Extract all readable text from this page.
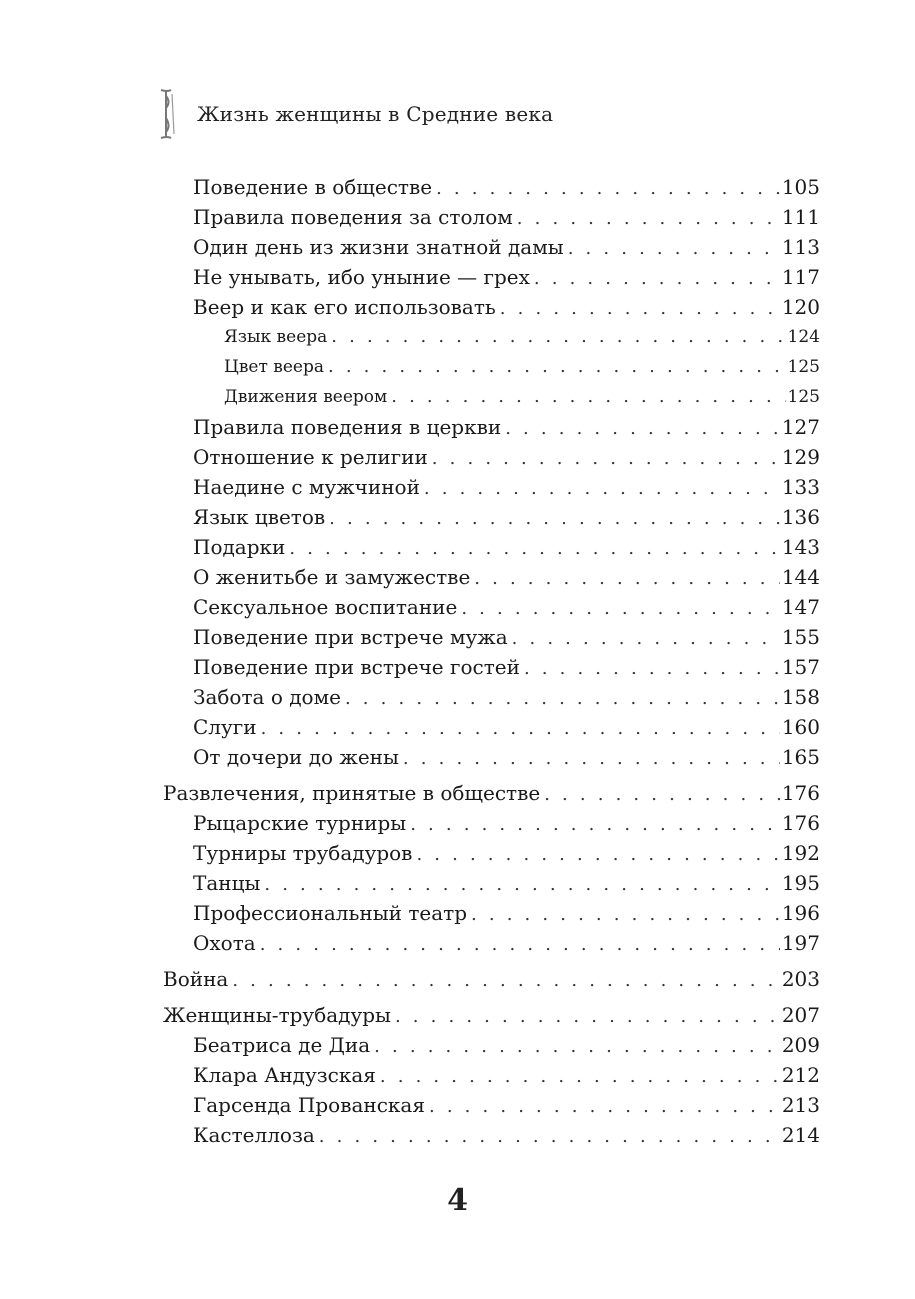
Жизнь женщины в Средние века
Поведение в обществе . . .	105
Правила поведения за столом . . .	111
Один день из жизни знатной дамы . . .	113
Не унывать, ибо уныние — грех . . .	117
Веер и как его использовать . . .	120
Язык веера . . .	124
Цвет веера . . .	125
Движения веером . . .	125
Правила поведения в церкви . . .	127
Отношение к религии . . .	129
Наедине с мужчиной . . .	133
Язык цветов . . .	136
Подарки . . .	143
О женитьбе и замужестве . . .	144
Сексуальное воспитание . . .	147
Поведение при встрече мужа . . .	155
Поведение при встрече гостей . . .	157
Забота о доме . . .	158
Слуги . . .	160
От дочери до жены . . .	165
Развлечения, принятые в обществе . . .	176
Рыцарские турниры . . .	176
Турниры трубадуров . . .	192
Танцы . . .	195
Профессиональный театр . . .	196
Охота . . .	197
Война . . .	203
Женщины-трубадуры . . .	207
Беатриса де Диа . . .	209
Клара Андузская . . .	212
Гарсенда Прованская . . .	213
Кастеллоза . . .	214
4
